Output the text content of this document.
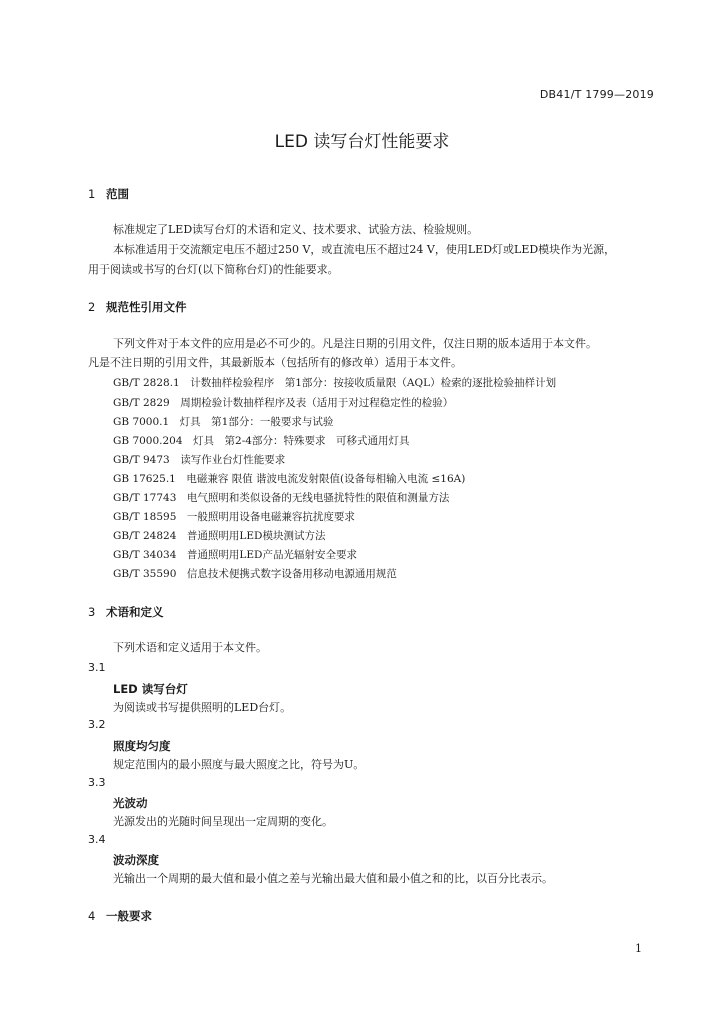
DB41/T 1799—2019
LED 读写台灯性能要求
1 范围
标准规定了LED读写台灯的术语和定义、技术要求、试验方法、检验规则。
本标准适用于交流额定电压不超过250 V，或直流电压不超过24 V，使用LED灯或LED模块作为光源，
用于阅读或书写的台灯(以下简称台灯)的性能要求。
2 规范性引用文件
下列文件对于本文件的应用是必不可少的。凡是注日期的引用文件，仅注日期的版本适用于本文件。
凡是不注日期的引用文件，其最新版本（包括所有的修改单）适用于本文件。
GB/T 2828.1　计数抽样检验程序　第1部分：按接收质量限（AQL）检索的逐批检验抽样计划
GB/T 2829　周期检验计数抽样程序及表（适用于对过程稳定性的检验）
GB 7000.1　灯具　第1部分：一般要求与试验
GB 7000.204　灯具　第2-4部分：特殊要求　可移式通用灯具
GB/T 9473　读写作业台灯性能要求
GB 17625.1　电磁兼容 限值 谐波电流发射限值(设备每相输入电流 ≤16A)
GB/T 17743　电气照明和类似设备的无线电骚扰特性的限值和测量方法
GB/T 18595　一般照明用设备电磁兼容抗扰度要求
GB/T 24824　普通照明用LED模块测试方法
GB/T 34034　普通照明用LED产品光辐射安全要求
GB/T 35590　信息技术便携式数字设备用移动电源通用规范
3 术语和定义
下列术语和定义适用于本文件。
3.1
LED 读写台灯
为阅读或书写提供照明的LED台灯。
3.2
照度均匀度
规定范围内的最小照度与最大照度之比，符号为U。
3.3
光波动
光源发出的光随时间呈现出一定周期的变化。
3.4
波动深度
光输出一个周期的最大值和最小值之差与光输出最大值和最小值之和的比，以百分比表示。
4 一般要求
1
